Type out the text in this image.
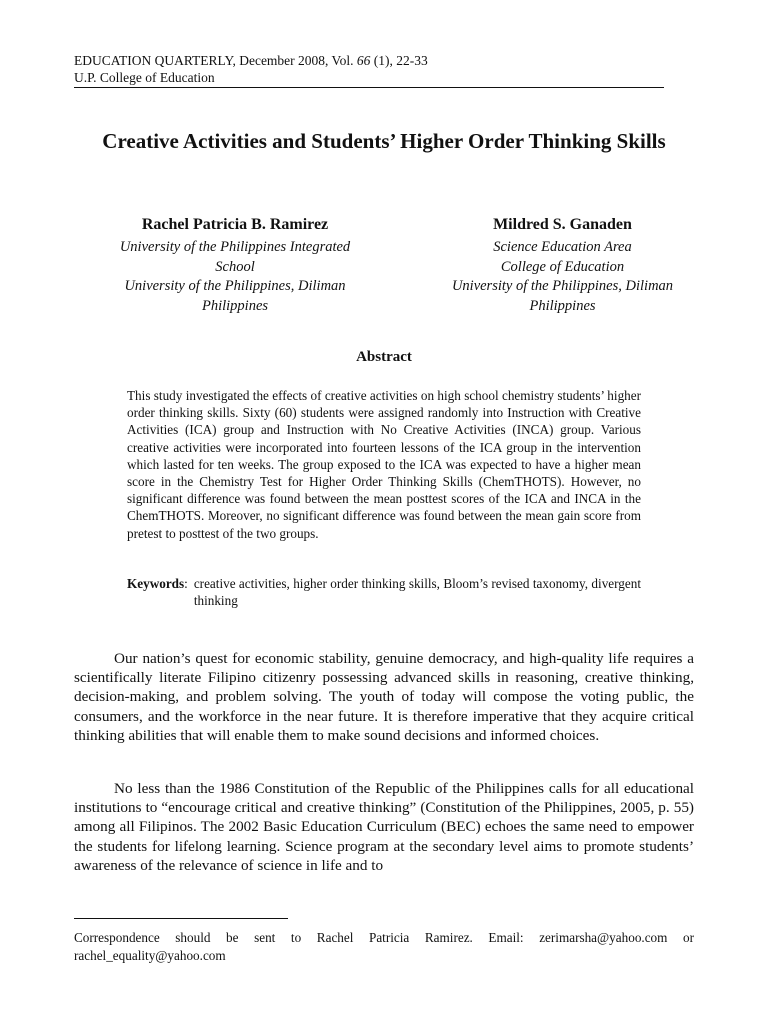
EDUCATION QUARTERLY, December 2008, Vol. 66 (1), 22-33
U.P. College of Education
Creative Activities and Students’ Higher Order Thinking Skills
Rachel Patricia B. Ramirez
University of the Philippines Integrated School
University of the Philippines, Diliman Philippines
Mildred S. Ganaden
Science Education Area
College of Education
University of the Philippines, Diliman Philippines
Abstract
This study investigated the effects of creative activities on high school chemistry students’ higher order thinking skills. Sixty (60) students were assigned randomly into Instruction with Creative Activities (ICA) group and Instruction with No Creative Activities (INCA) group. Various creative activities were incorporated into fourteen lessons of the ICA group in the intervention which lasted for ten weeks. The group exposed to the ICA was expected to have a higher mean score in the Chemistry Test for Higher Order Thinking Skills (ChemTHOTS). However, no significant difference was found between the mean posttest scores of the ICA and INCA in the ChemTHOTS. Moreover, no significant difference was found between the mean gain score from pretest to posttest of the two groups.
Keywords: creative activities, higher order thinking skills, Bloom’s revised taxonomy, divergent thinking
Our nation’s quest for economic stability, genuine democracy, and high-quality life requires a scientifically literate Filipino citizenry possessing advanced skills in reasoning, creative thinking, decision-making, and problem solving. The youth of today will compose the voting public, the consumers, and the workforce in the near future. It is therefore imperative that they acquire critical thinking abilities that will enable them to make sound decisions and informed choices.
No less than the 1986 Constitution of the Republic of the Philippines calls for all educational institutions to “encourage critical and creative thinking” (Constitution of the Philippines, 2005, p. 55) among all Filipinos. The 2002 Basic Education Curriculum (BEC) echoes the same need to empower the students for lifelong learning. Science program at the secondary level aims to promote students’ awareness of the relevance of science in life and to
Correspondence should be sent to Rachel Patricia Ramirez. Email: zerimarsha@yahoo.com or rachel_equality@yahoo.com
